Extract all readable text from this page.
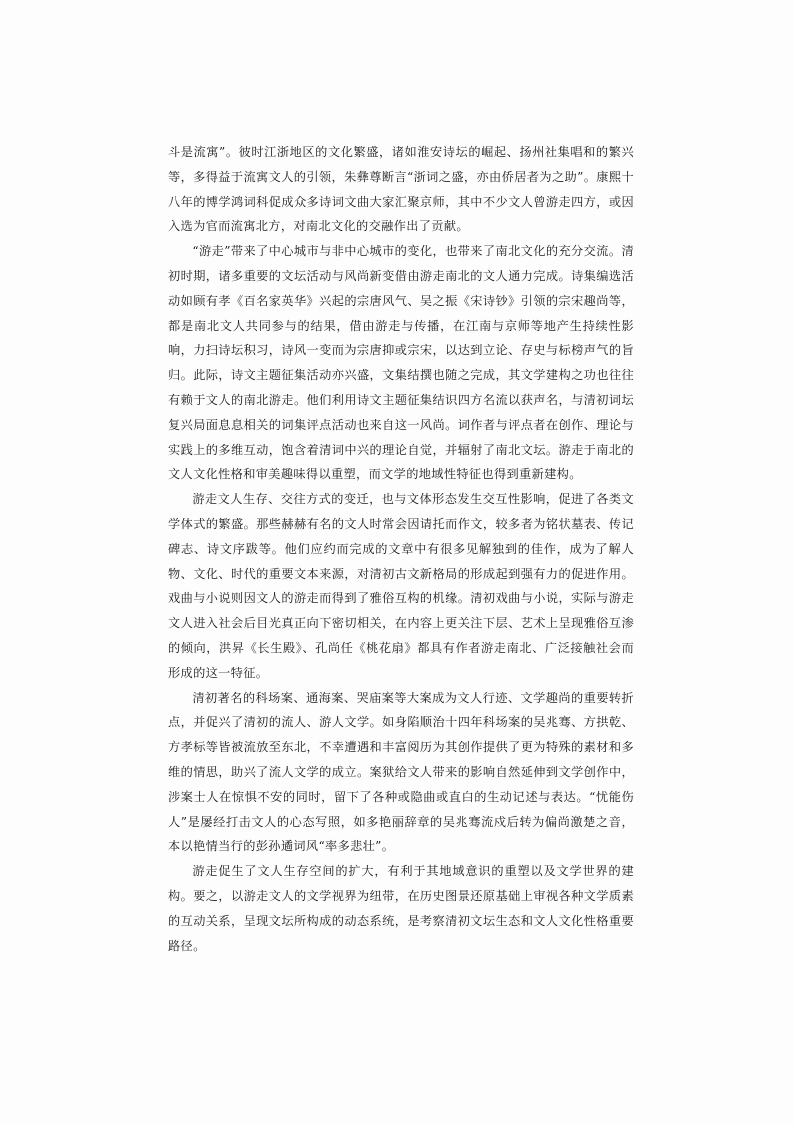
斗是流寓”。彼时江浙地区的文化繁盛，诸如淮安诗坛的崛起、扬州社集唱和的繁兴等，多得益于流寓文人的引领，朱彝尊断言“浙词之盛，亦由侨居者为之助”。康熙十八年的博学鸿词科促成众多诗词文曲大家汇聚京师，其中不少文人曾游走四方，或因入选为官而流寓北方，对南北文化的交融作出了贡献。

“游走”带来了中心城市与非中心城市的变化，也带来了南北文化的充分交流。清初时期，诸多重要的文坛活动与风尚新变借由游走南北的文人通力完成。诗集编选活动如顾有孝《百名家英华》兴起的宗唐风气、吴之振《宋诗钞》引领的宗宋趣尚等，都是南北文人共同参与的结果，借由游走与传播，在江南与京师等地产生持续性影响，力扫诗坛积习，诗风一变而为宗唐抑或宗宋，以达到立论、存史与标榜声气的旨归。此际，诗文主题征集活动亦兴盛，文集结撰也随之完成，其文学建构之功也往往有赖于文人的南北游走。他们利用诗文主题征集结识四方名流以获声名，与清初词坛复兴局面息息相关的词集评点活动也来自这一风尚。词作者与评点者在创作、理论与实践上的多维互动，饱含着清词中兴的理论自觉，并辐射了南北文坛。游走于南北的文人文化性格和审美趣味得以重塑，而文学的地域性特征也得到重新建构。

游走文人生存、交往方式的变迁，也与文体形态发生交互性影响，促进了各类文学体式的繁盛。那些赫赫有名的文人时常会因请托而作文，较多者为铭状墓表、传记碑志、诗文序跋等。他们应约而完成的文章中有很多见解独到的佳作，成为了解人物、文化、时代的重要文本来源，对清初古文新格局的形成起到强有力的促进作用。戏曲与小说则因文人的游走而得到了雅俗互构的机缘。清初戏曲与小说，实际与游走文人进入社会后目光真正向下密切相关，在内容上更关注下层、艺术上呈现雅俗互渗的倾向，洪昇《长生殿》、孔尚任《桃花扇》都具有作者游走南北、广泛接触社会而形成的这一特征。

清初著名的科场案、通海案、哭庙案等大案成为文人行迹、文学趣尚的重要转折点，并促兴了清初的流人、游人文学。如身陷顺治十四年科场案的吴兆骞、方拱乾、方孝标等皆被流放至东北，不幸遭遇和丰富阅历为其创作提供了更为特殊的素材和多维的情思，助兴了流人文学的成立。案狱给文人带来的影响自然延伸到文学创作中，涉案士人在惊惧不安的同时，留下了各种或隐曲或直白的生动记述与表达。“忧能伤人”是屡经打击文人的心态写照，如多艳丽辞章的吴兆骞流戍后转为偏尚激楚之音，本以艳情当行的彭孙遹词风“率多悲壮”。

游走促生了文人生存空间的扩大，有利于其地域意识的重塑以及文学世界的建构。要之，以游走文人的文学视界为纽带，在历史图景还原基础上审视各种文学质素的互动关系，呈现文坛所构成的动态系统，是考察清初文坛生态和文人文化性格重要路径。
